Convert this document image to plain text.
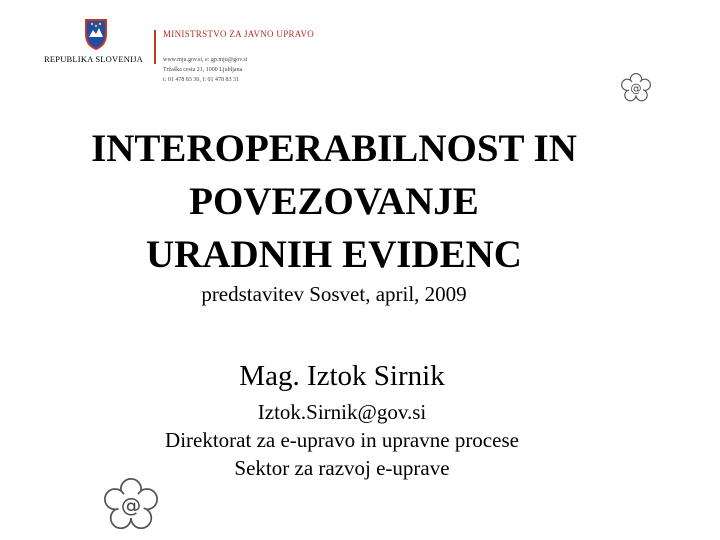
REPUBLIKA SLOVENIJA
MINISTRSTVO ZA JAVNO UPRAVO
www.mju.gov.si, e: gp.mju@gov.si
Tržaška cesta 21, 1000 Ljubljana
t: 01 478 83 30, f: 01 478 83 31
@
INTEROPERABILNOST IN
POVEZOVANJE
URADNIH EVIDENC
predstavitev Sosvet, april, 2009
Mag. Iztok Sirnik
Iztok.Sirnik@gov.si
Direktorat za e-upravo in upravne procese
Sektor za razvoj e-uprave
@
